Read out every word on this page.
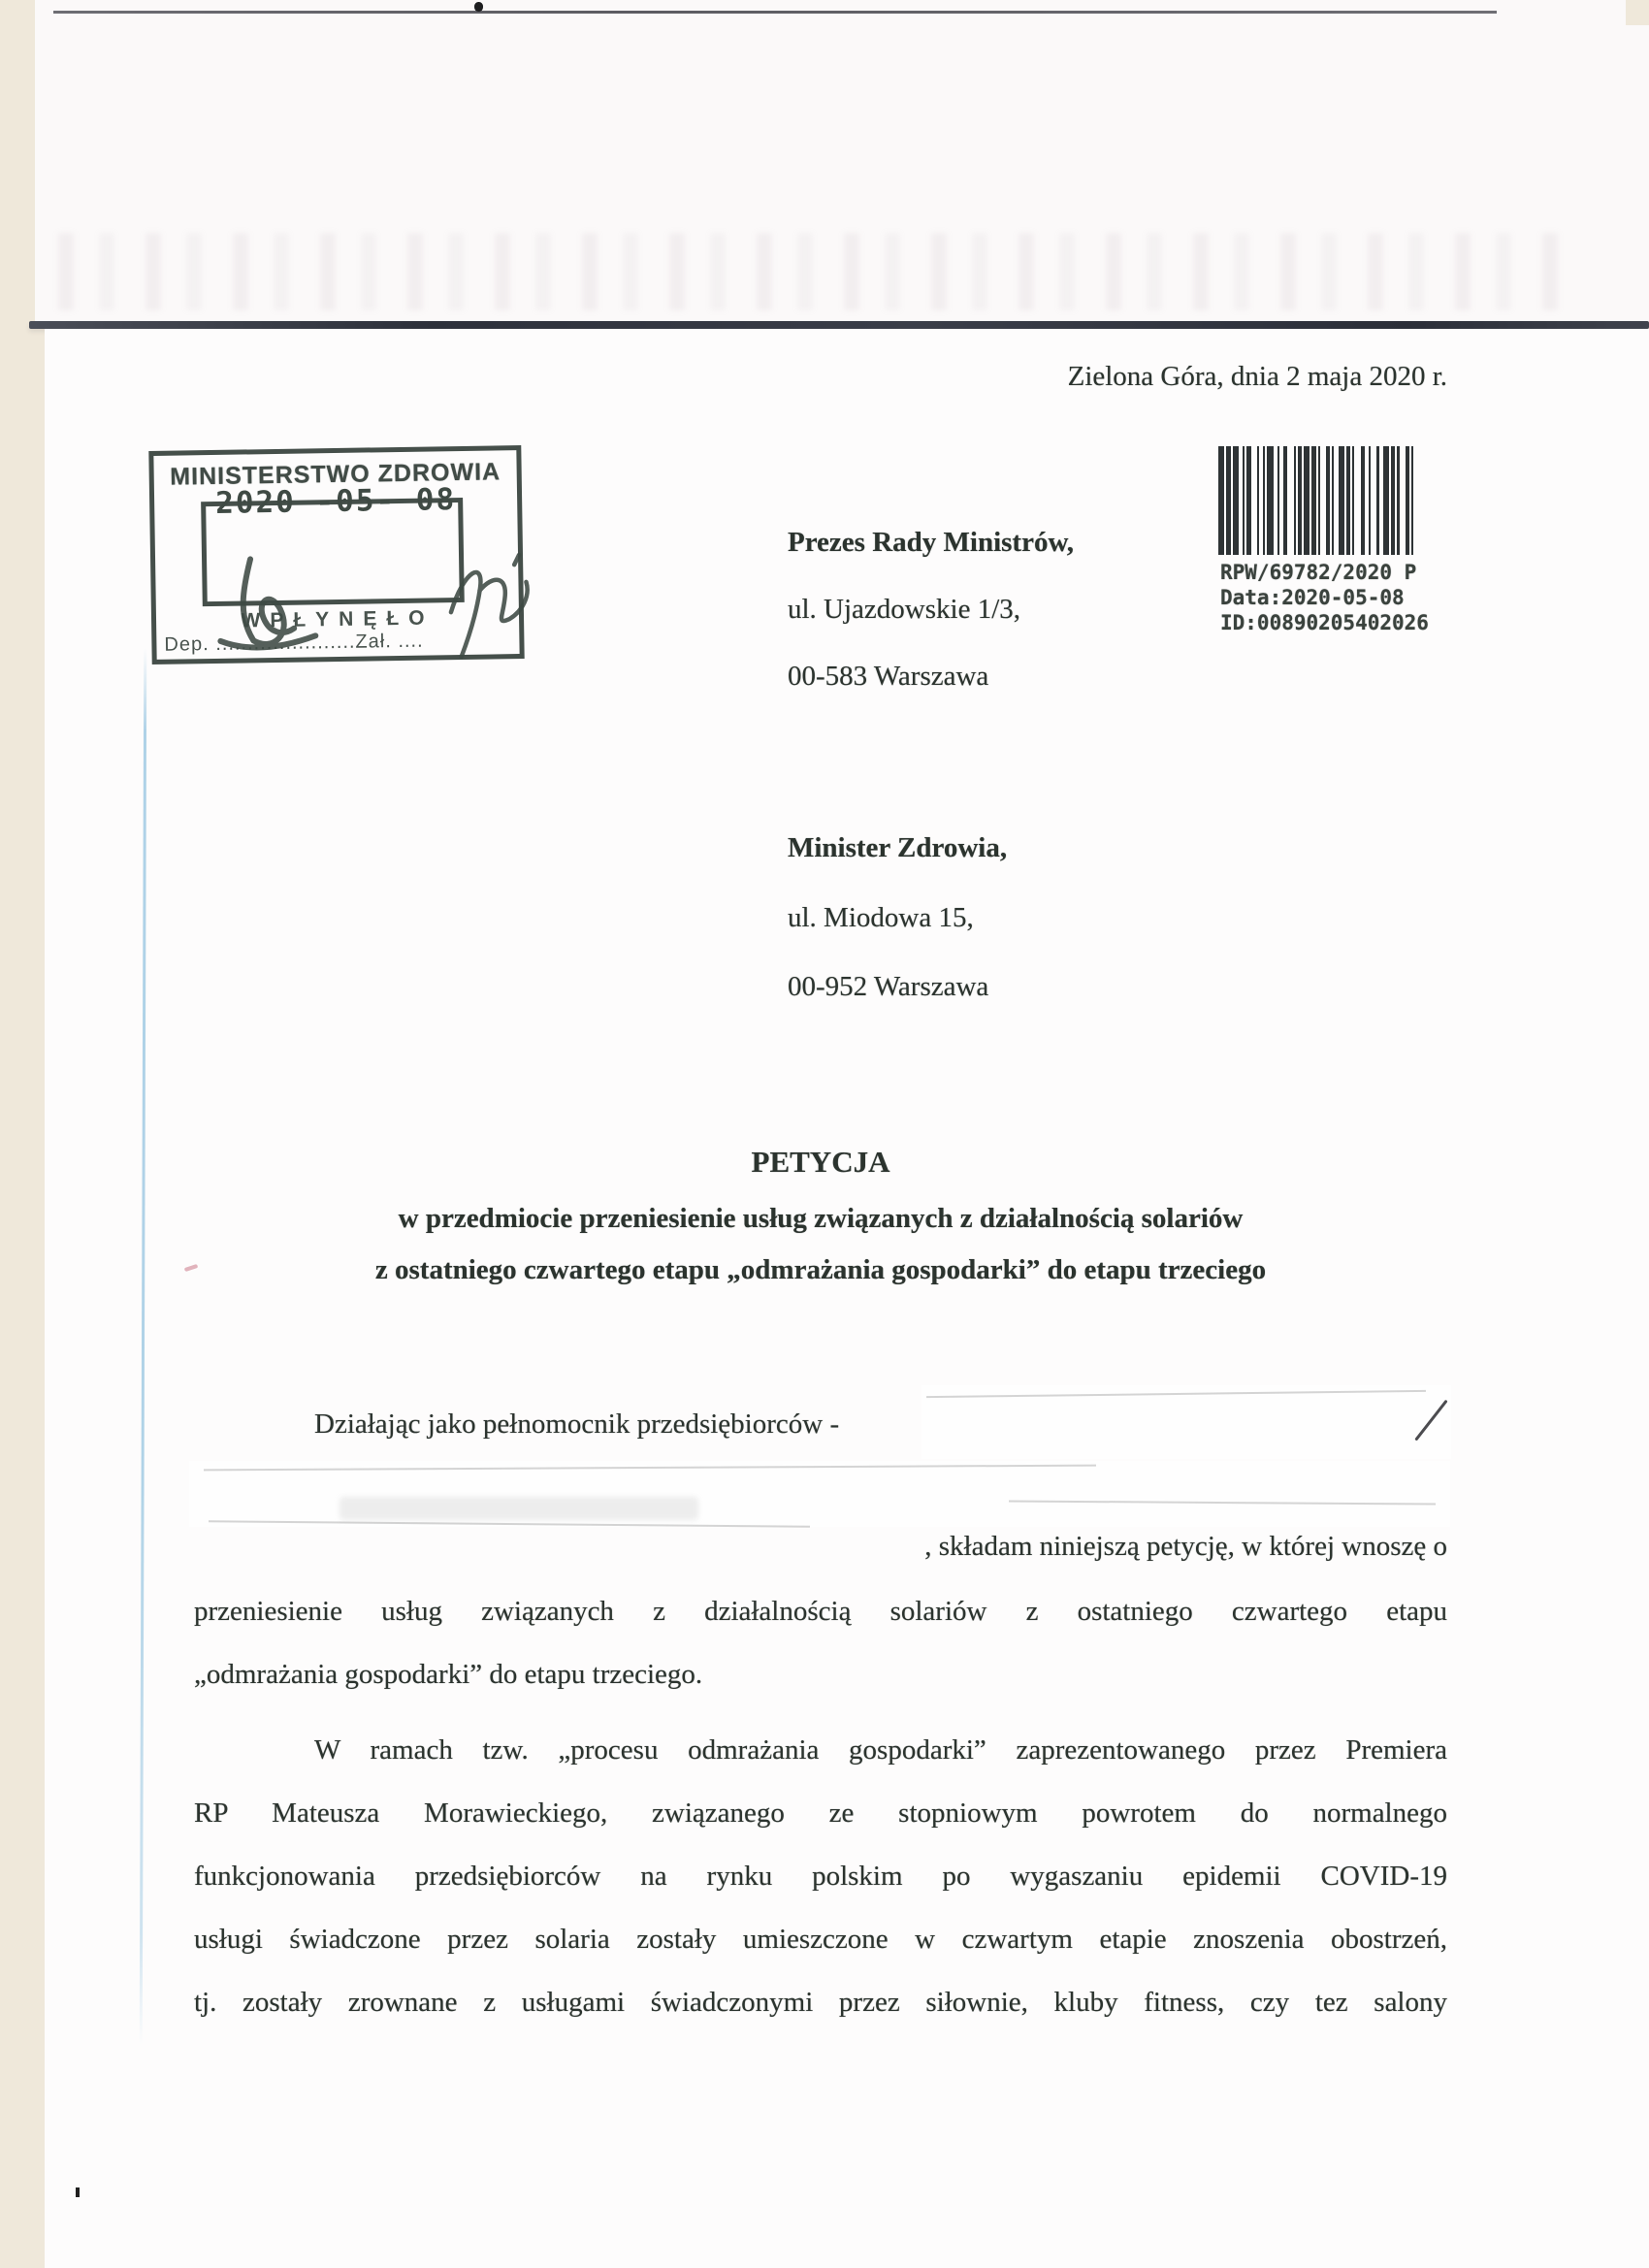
Zielona Góra, dnia 2 maja 2020 r.
MINISTERSTWO ZDROWIA
2020 -05- 08
WPŁYNĘŁO
Dep. ......................Zał. ....
RPW/69782/2020 P
Data:2020-05-08
ID:00890205402026
Prezes Rady Ministrów,
ul. Ujazdowskie 1/3,
00-583 Warszawa
Minister Zdrowia,
ul. Miodowa 15,
00-952 Warszawa
PETYCJA
w przedmiocie przeniesienie usług związanych z działalnością solariów
z ostatniego czwartego etapu „odmrażania gospodarki” do etapu trzeciego
Działając jako pełnomocnik przedsiębiorców -
, składam niniejszą petycję, w której wnoszę o
przeniesienie usług związanych z działalnością solariów z ostatniego czwartego etapu
„odmrażania gospodarki” do etapu trzeciego.
W ramach tzw. „procesu odmrażania gospodarki” zaprezentowanego przez Premiera
RP Mateusza Morawieckiego, związanego ze stopniowym powrotem do normalnego
funkcjonowania przedsiębiorców na rynku polskim po wygaszaniu epidemii COVID-19
usługi świadczone przez solaria zostały umieszczone w czwartym etapie znoszenia obostrzeń,
tj. zostały zrownane z usługami świadczonymi przez siłownie, kluby fitness, czy tez salony
